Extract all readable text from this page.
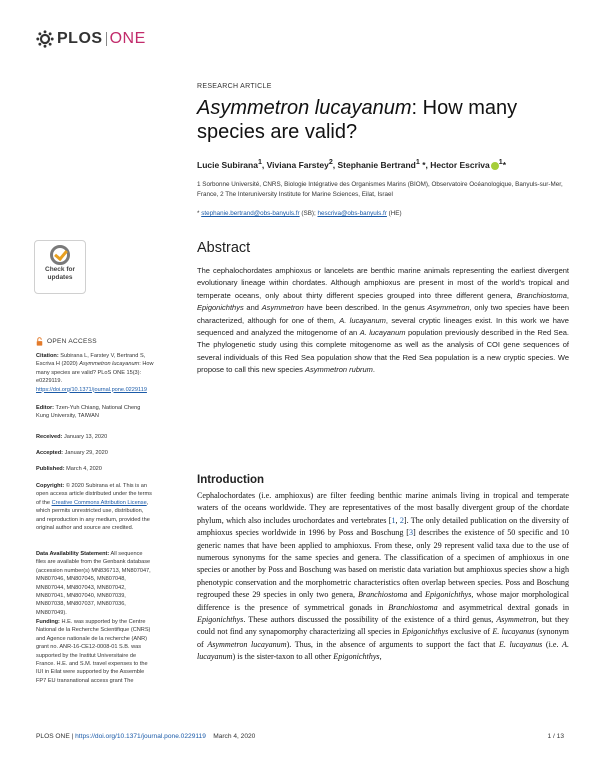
PLOS ONE
RESEARCH ARTICLE
Asymmetron lucayanum: How many species are valid?
Lucie Subirana$^1$, Viviana Farstey$^2$, Stephanie Bertrand$^1$ *, Hector Escriva $^1$*
1 Sorbonne Université, CNRS, Biologie Intégrative des Organismes Marins (BIOM), Observatoire Océanologique, Banyuls-sur-Mer, France, 2 The Interuniversity Institute for Marine Sciences, Eilat, Israel
* stephanie.bertrand@obs-banyuls.fr (SB); hescriva@obs-banyuls.fr (HE)
Check for
updates
OPEN ACCESS
Citation: Subirana L, Farstey V, Bertrand S, Escriva H (2020) Asymmetron lucayanum: How many species are valid? PLoS ONE 15(3): e0229119. https://doi.org/10.1371/journal.pone.0229119
Editor: Tzen-Yuh Chiang, National Cheng Kung University, TAIWAN
Received: January 13, 2020
Accepted: January 29, 2020
Published: March 4, 2020
Copyright: © 2020 Subirana et al. This is an open access article distributed under the terms of the Creative Commons Attribution License, which permits unrestricted use, distribution, and reproduction in any medium, provided the original author and source are credited.
Data Availability Statement: All sequence files are available from the Genbank database (accession number(s) MN836713, MN807047, MN807046, MN807045, MN807048, MN807044, MN807043, MN807042, MN807041, MN807040, MN807039, MN807038, MN807037, MN807036, MN807049).
Funding: H.E. was supported by the Centre National de la Recherche Scientifique (CNRS) and Agence nationale de la recherche (ANR) grant no. ANR-16-CE12-0008-01 S.B. was supported by the Institut Universitaire de France. H.E. and S.M. travel expenses to the IUI in Eilat were supported by the Assemble FP7 EU transnational access grant The
Abstract
The cephalochordates amphioxus or lancelets are benthic marine animals representing the earliest divergent evolutionary lineage within chordates. Although amphioxus are present in most of the world's tropical and temperate oceans, only about thirty different species grouped into three different genera, Branchiostoma, Epigonichthys and Asymmetron have been described. In the genus Asymmetron, only two species have been characterized, although for one of them, A. lucayanum, several cryptic lineages exist. In this work we have sequenced and analyzed the mitogenome of an A. lucayanum population previously described in the Red Sea. The phylogenetic study using this complete mitogenome as well as the analysis of COI gene sequences of several individuals of this Red Sea population show that the Red Sea population is a new cryptic species. We propose to call this new species Asymmetron rubrum.
Introduction
Cephalochordates (i.e. amphioxus) are filter feeding benthic marine animals living in tropical and temperate waters of the oceans worldwide. They are representatives of the most basally divergent group of the chordate phylum, which also includes urochordates and vertebrates [1, 2]. The only detailed publication on the diversity of amphioxus species worldwide in 1996 by Poss and Boschung [3] describes the existence of 50 specific and 10 generic names that have been applied to amphioxus. From these, only 29 represent valid taxa due to the use of numerous synonyms for the same species and genera. The classification of a specimen of amphioxus in one species or another by Poss and Boschung was based on meristic data variation but amphioxus species show a high phenotypic conservation and the morphometric characteristics often overlap between species. Poss and Boschung regrouped these 29 species in only two genera, Branchiostoma and Epigonichthys, whose major morphological difference is the presence of symmetrical gonads in Branchiostoma and asymmetrical dextral gonads in Epigonichthys. These authors discussed the possibility of the existence of a third genus, Asymmetron, but they could not find any synapomorphy characterizing all species in Epigonichthys exclusive of E. lucayanus (synonym of Asymmetron lucayanum). Thus, in the absence of arguments to support the fact that E. lucayanus (i.e. A. lucayanum) is the sister-taxon to all other Epigonichthys,
PLOS ONE | https://doi.org/10.1371/journal.pone.0229119 March 4, 2020	1 / 13
